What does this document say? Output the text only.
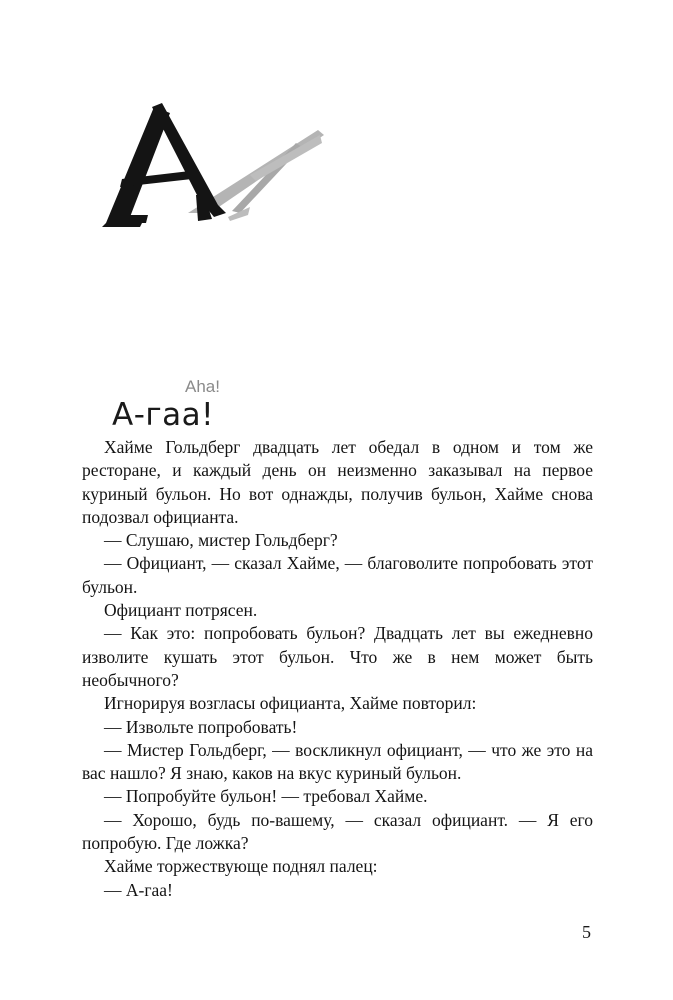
Aha!
А-гаа!

Хайме Гольдберг двадцать лет обедал в одном и том же ресторане, и каждый день он неизменно заказывал на первое куриный бульон. Но вот однажды, получив бульон, Хайме снова подозвал официанта.

— Слушаю, мистер Гольдберг?

— Официант, — сказал Хайме, — благоволите попробовать этот бульон.

Официант потрясен.

— Как это: попробовать бульон? Двадцать лет вы ежедневно изволите кушать этот бульон. Что же в нем может быть необычного?

Игнорируя возгласы официанта, Хайме повторил:

— Извольте попробовать!

— Мистер Гольдберг, — воскликнул официант, — что же это на вас нашло? Я знаю, каков на вкус куриный бульон.

— Попробуйте бульон! — требовал Хайме.

— Хорошо, будь по-вашему, — сказал официант. — Я его попробую. Где ложка?

Хайме торжествующе поднял палец:

— А-гаа!

5
